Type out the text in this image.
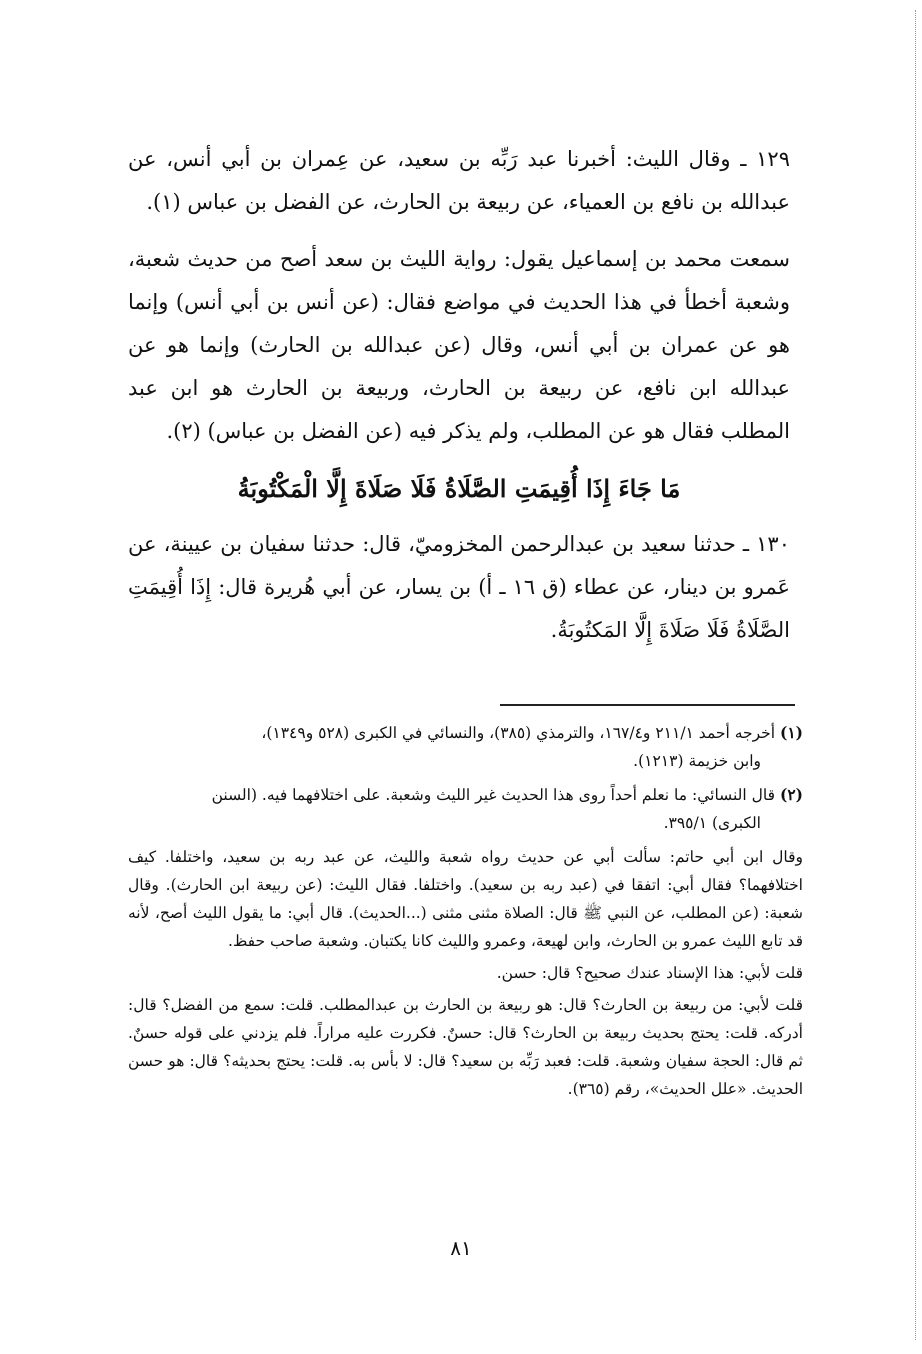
١٢٩ ـ وقال الليث: أخبرنا عبد رَبِّه بن سعيد، عن عِمران بن أبي أنس، عن عبدالله بن نافع بن العمياء، عن ربيعة بن الحارث، عن الفضل بن عباس (١).

سمعت محمد بن إسماعيل يقول: رواية الليث بن سعد أصح من حديث شعبة، وشعبة أخطأ في هذا الحديث في مواضع فقال: (عن أنس بن أبي أنس) وإنما هو عن عمران بن أبي أنس، وقال (عن عبدالله بن الحارث) وإنما هو عن عبدالله ابن نافع، عن ربيعة بن الحارث، وربيعة بن الحارث هو ابن عبد المطلب فقال هو عن المطلب، ولم يذكر فيه (عن الفضل بن عباس) (٢).

مَا جَاءَ إِذَا أُقِيمَتِ الصَّلَاةُ فَلَا صَلَاةَ إِلَّا الْمَكْتُوبَةُ

١٣٠ ـ حدثنا سعيد بن عبدالرحمن المخزوميّ، قال: حدثنا سفيان بن عيينة، عن عَمرو بن دينار، عن عطاء (ق ١٦ ـ أ) بن يسار، عن أبي هُريرة قال: إِذَا أُقِيمَتِ الصَّلَاةُ فَلَا صَلَاةَ إِلَّا المَكتُوبَةُ.

(١) أخرجه أحمد ٢١١/١ و١٦٧/٤، والترمذي (٣٨٥)، والنسائي في الكبرى (٥٢٨ و١٣٤٩)،
وابن خزيمة (١٢١٣).
(٢) قال النسائي: ما نعلم أحداً روى هذا الحديث غير الليث وشعبة. على اختلافهما فيه. (السنن
الكبرى) ٣٩٥/١.

وقال ابن أبي حاتم: سألت أبي عن حديث رواه شعبة والليث، عن عبد ربه بن سعيد، واختلفا. كيف اختلافهما؟ فقال أبي: اتفقا في (عبد ربه بن سعيد). واختلفا. فقال الليث: (عن ربيعة ابن الحارث). وقال شعبة: (عن المطلب، عن النبي ﷺ قال: الصلاة مثنى مثنى (...الحديث). قال أبي: ما يقول الليث أصح، لأنه قد تابع الليث عمرو بن الحارث، وابن لهيعة، وعمرو والليث كانا يكتبان. وشعبة صاحب حفظ.

قلت لأبي: هذا الإسناد عندك صحيح؟ قال: حسن.

قلت لأبي: من ربيعة بن الحارث؟ قال: هو ربيعة بن الحارث بن عبدالمطلب. قلت: سمع من الفضل؟ قال: أدركه. قلت: يحتج بحديث ربيعة بن الحارث؟ قال: حسنٌ. فكررت عليه مراراً. فلم يزدني على قوله حسنٌ. ثم قال: الحجة سفيان وشعبة. قلت: فعبد رَبِّه بن سعيد؟ قال: لا بأس به. قلت: يحتج بحديثه؟ قال: هو حسن الحديث. «علل الحديث»، رقم (٣٦٥).

٨١
